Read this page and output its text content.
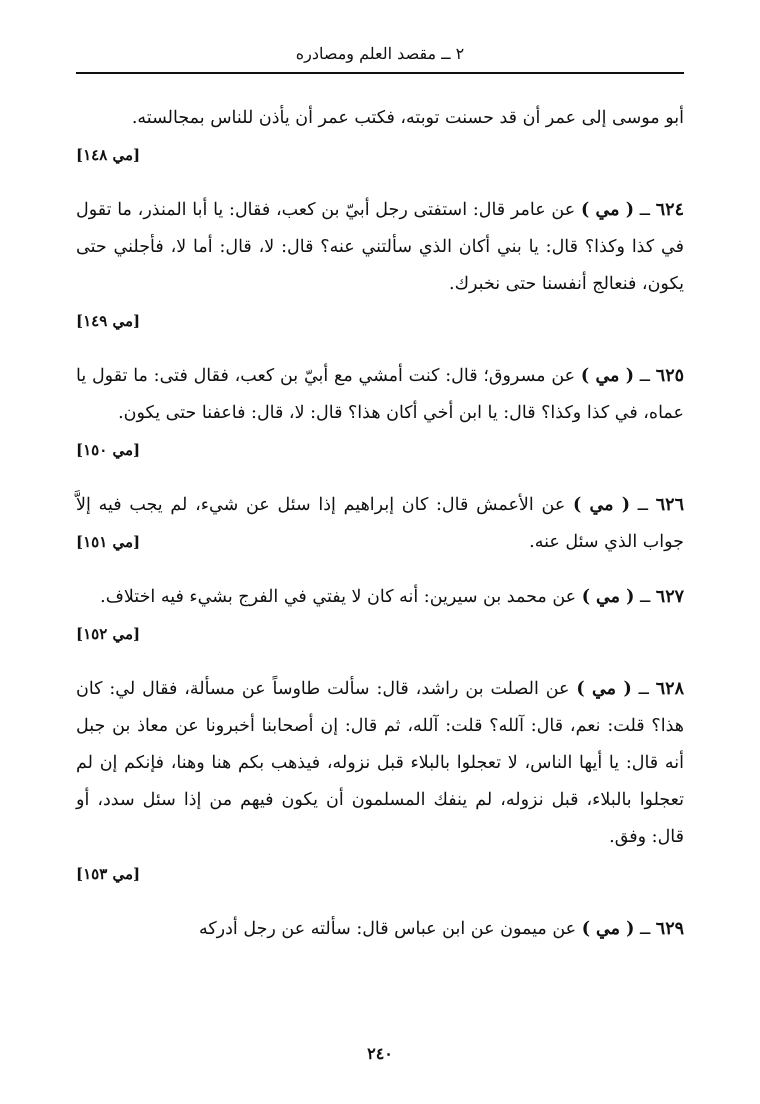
٢ ــ مقصد العلم ومصادره

أبو موسى إلى عمر أن قد حسنت توبته، فكتب عمر أن يأذن للناس بمجالسته.
[مي ١٤٨]

٦٢٤ ــ ( مي ) عن عامر قال: استفتى رجل أبيّ بن كعب، فقال: يا أبا المنذر، ما تقول في كذا وكذا؟ قال: يا بني أكان الذي سألتني عنه؟ قال: لا، قال: أما لا، فأجلني حتى يكون، فنعالج أنفسنا حتى نخبرك.

[مي ١٤٩]

٦٢٥ ــ ( مي ) عن مسروق؛ قال: كنت أمشي مع أبيّ بن كعب، فقال فتى: ما تقول يا عماه، في كذا وكذا؟ قال: يا ابن أخي أكان هذا؟ قال: لا، قال: فاعفنا حتى يكون.
[مي ١٥٠]

٦٢٦ ــ ( مي ) عن الأعمش قال: كان إبراهيم إذا سئل عن شيء، لم يجب فيه إلاَّ جواب الذي سئل عنه.
[مي ١٥١]

٦٢٧ ــ ( مي ) عن محمد بن سيرين: أنه كان لا يفتي في الفرج بشيء فيه اختلاف.
[مي ١٥٢]

٦٢٨ ــ ( مي ) عن الصلت بن راشد، قال: سألت طاوساً عن مسألة، فقال لي: كان هذا؟ قلت: نعم، قال: آلله؟ قلت: آلله، ثم قال: إن أصحابنا أخبرونا عن معاذ بن جبل أنه قال: يا أيها الناس، لا تعجلوا بالبلاء قبل نزوله، فيذهب بكم هنا وهنا، فإنكم إن لم تعجلوا بالبلاء، قبل نزوله، لم ينفك المسلمون أن يكون فيهم من إذا سئل سدد، أو قال: وفق.

[مي ١٥٣]

٦٢٩ ــ ( مي ) عن ميمون عن ابن عباس قال: سألته عن رجل أدركه

٢٤٠
